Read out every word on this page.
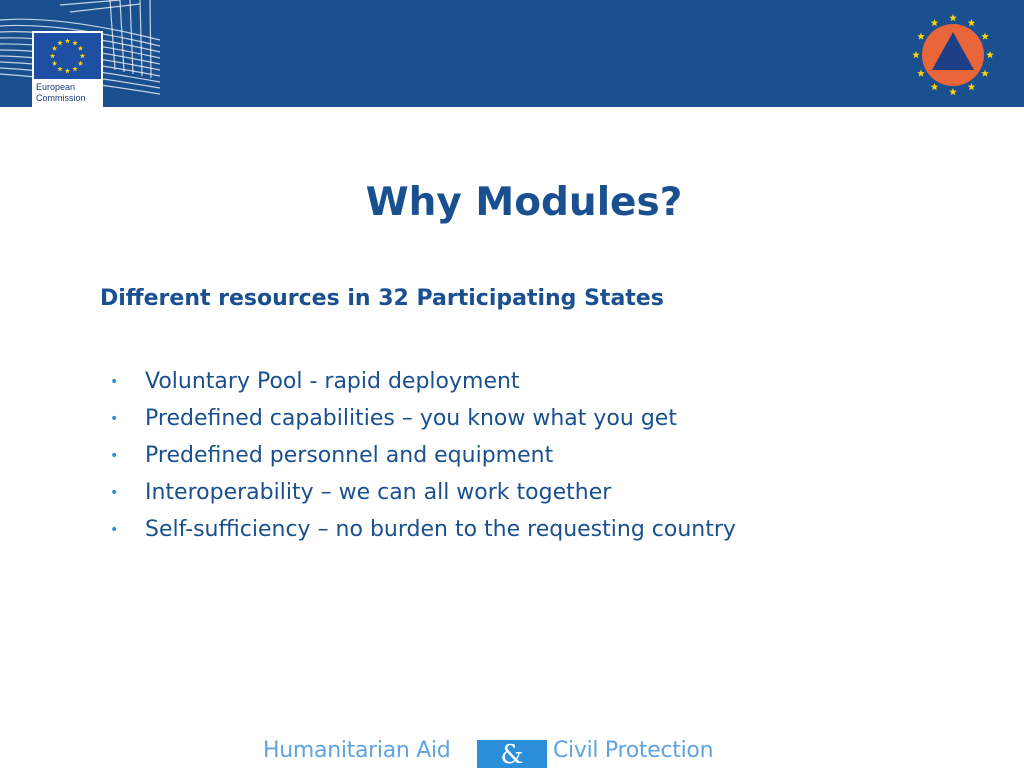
European
Commission
Why Modules?
Different resources in 32 Participating States
• Voluntary Pool - rapid deployment
• Predefined capabilities – you know what you get
• Predefined personnel and equipment
• Interoperability – we can all work together
• Self-sufficiency – no burden to the requesting country
Humanitarian Aid	&	Civil Protection
